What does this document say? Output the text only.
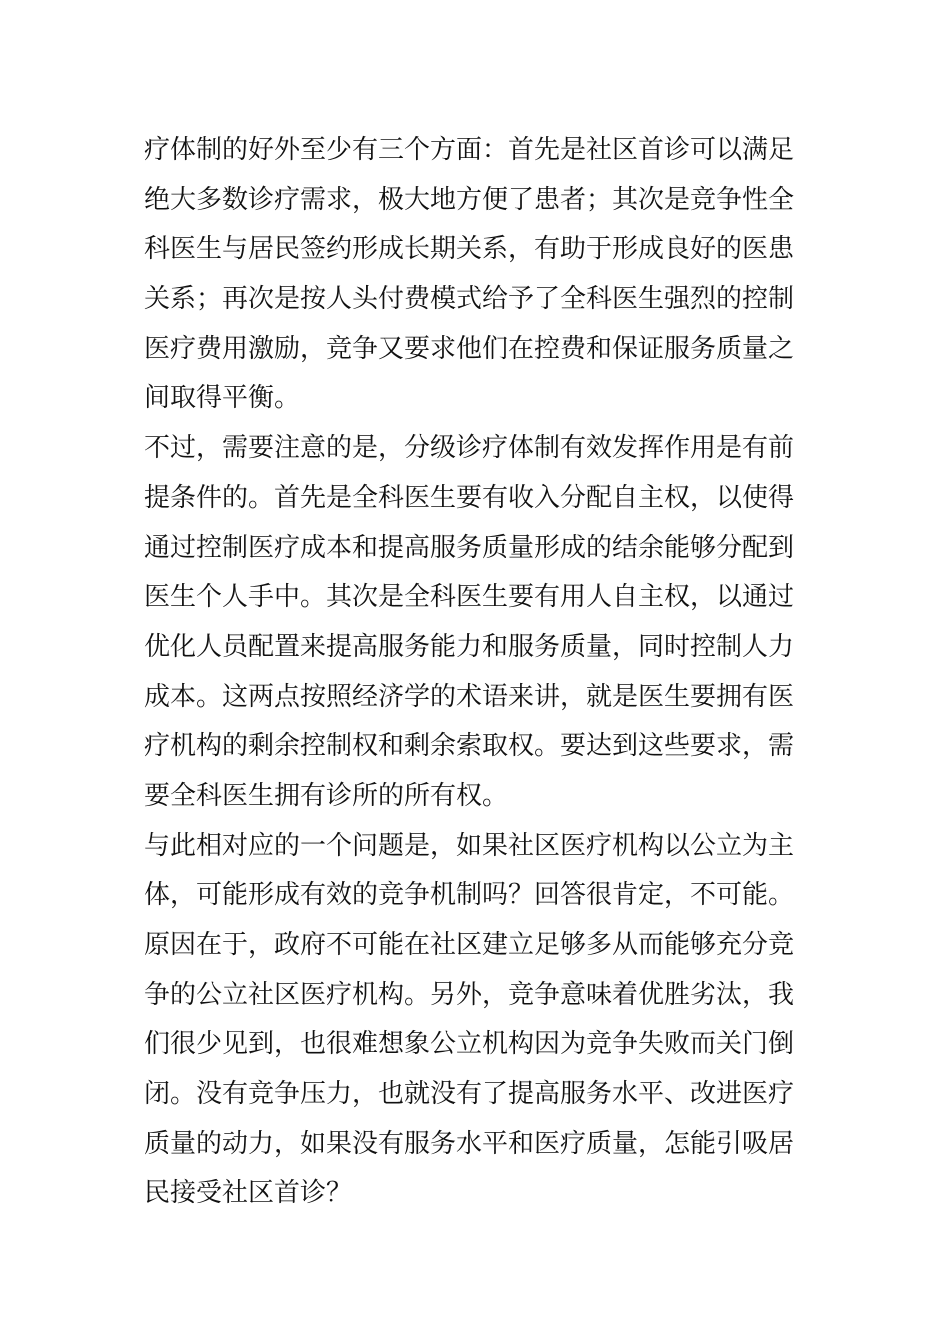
疗体制的好外至少有三个方面：首先是社区首诊可以满足
绝大多数诊疗需求，极大地方便了患者；其次是竞争性全
科医生与居民签约形成长期关系，有助于形成良好的医患
关系；再次是按人头付费模式给予了全科医生强烈的控制
医疗费用激励，竞争又要求他们在控费和保证服务质量之
间取得平衡。
不过，需要注意的是，分级诊疗体制有效发挥作用是有前
提条件的。首先是全科医生要有收入分配自主权，以使得
通过控制医疗成本和提高服务质量形成的结余能够分配到
医生个人手中。其次是全科医生要有用人自主权，以通过
优化人员配置来提高服务能力和服务质量，同时控制人力
成本。这两点按照经济学的术语来讲，就是医生要拥有医
疗机构的剩余控制权和剩余索取权。要达到这些要求，需
要全科医生拥有诊所的所有权。
与此相对应的一个问题是，如果社区医疗机构以公立为主
体，可能形成有效的竞争机制吗？回答很肯定，不可能。
原因在于，政府不可能在社区建立足够多从而能够充分竞
争的公立社区医疗机构。另外，竞争意味着优胜劣汰，我
们很少见到，也很难想象公立机构因为竞争失败而关门倒
闭。没有竞争压力，也就没有了提高服务水平、改进医疗
质量的动力，如果没有服务水平和医疗质量，怎能引吸居
民接受社区首诊？
